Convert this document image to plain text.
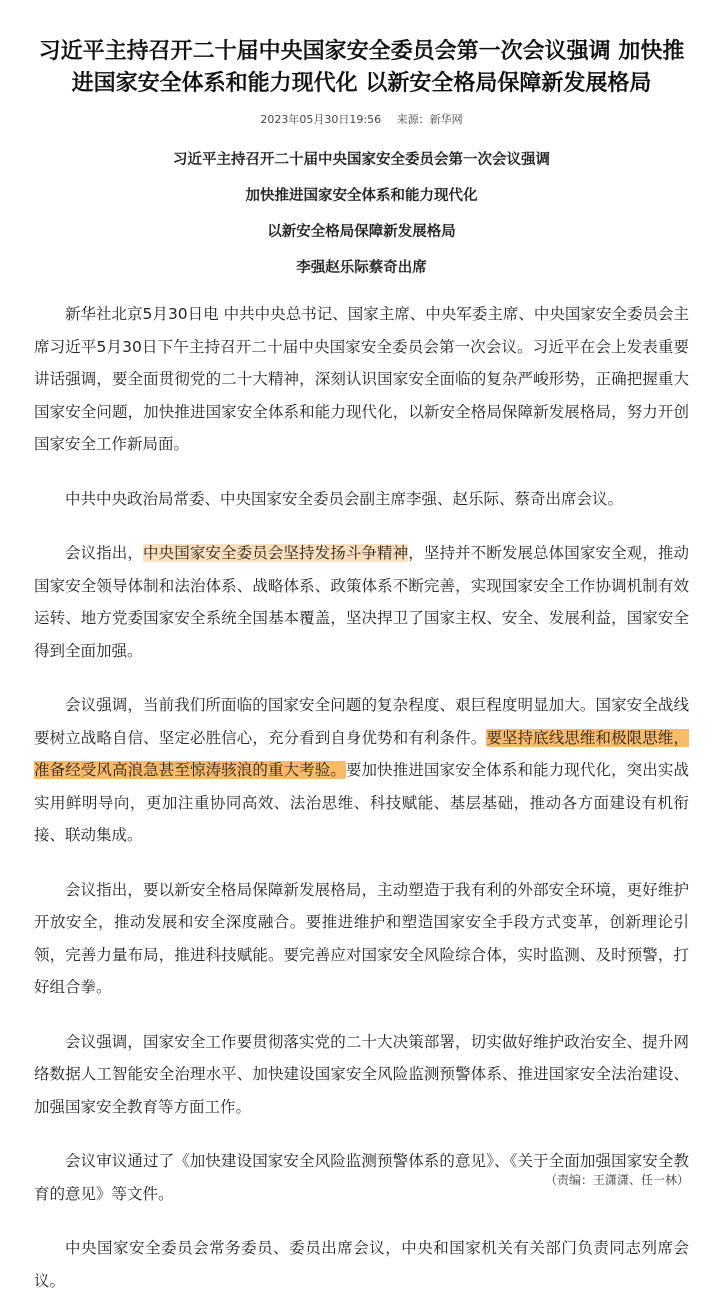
习近平主持召开二十届中央国家安全委员会第一次会议强调 加快推进国家安全体系和能力现代化 以新安全格局保障新发展格局
2023年05月30日19:56 来源：新华网

习近平主持召开二十届中央国家安全委员会第一次会议强调

加快推进国家安全体系和能力现代化

以新安全格局保障新发展格局

李强赵乐际蔡奇出席

新华社北京5月30日电 中共中央总书记、国家主席、中央军委主席、中央国家安全委员会主席习近平5月30日下午主持召开二十届中央国家安全委员会第一次会议。习近平在会上发表重要讲话强调，要全面贯彻党的二十大精神，深刻认识国家安全面临的复杂严峻形势，正确把握重大国家安全问题，加快推进国家安全体系和能力现代化，以新安全格局保障新发展格局，努力开创国家安全工作新局面。

中共中央政治局常委、中央国家安全委员会副主席李强、赵乐际、蔡奇出席会议。

会议指出，中央国家安全委员会坚持发扬斗争精神，坚持并不断发展总体国家安全观，推动国家安全领导体制和法治体系、战略体系、政策体系不断完善，实现国家安全工作协调机制有效运转、地方党委国家安全系统全国基本覆盖，坚决捍卫了国家主权、安全、发展利益，国家安全得到全面加强。

会议强调，当前我们所面临的国家安全问题的复杂程度、艰巨程度明显加大。国家安全战线要树立战略自信、坚定必胜信心，充分看到自身优势和有利条件。要坚持底线思维和极限思维，准备经受风高浪急甚至惊涛骇浪的重大考验。要加快推进国家安全体系和能力现代化，突出实战实用鲜明导向，更加注重协同高效、法治思维、科技赋能、基层基础，推动各方面建设有机衔接、联动集成。

会议指出，要以新安全格局保障新发展格局，主动塑造于我有利的外部安全环境，更好维护开放安全，推动发展和安全深度融合。要推进维护和塑造国家安全手段方式变革，创新理论引领，完善力量布局，推进科技赋能。要完善应对国家安全风险综合体，实时监测、及时预警，打好组合拳。

会议强调，国家安全工作要贯彻落实党的二十大决策部署，切实做好维护政治安全、提升网络数据人工智能安全治理水平、加快建设国家安全风险监测预警体系、推进国家安全法治建设、加强国家安全教育等方面工作。

会议审议通过了《加快建设国家安全风险监测预警体系的意见》、《关于全面加强国家安全教育的意见》等文件。

中央国家安全委员会常务委员、委员出席会议，中央和国家机关有关部门负责同志列席会议。

（责编：王潇潇、任一林）
